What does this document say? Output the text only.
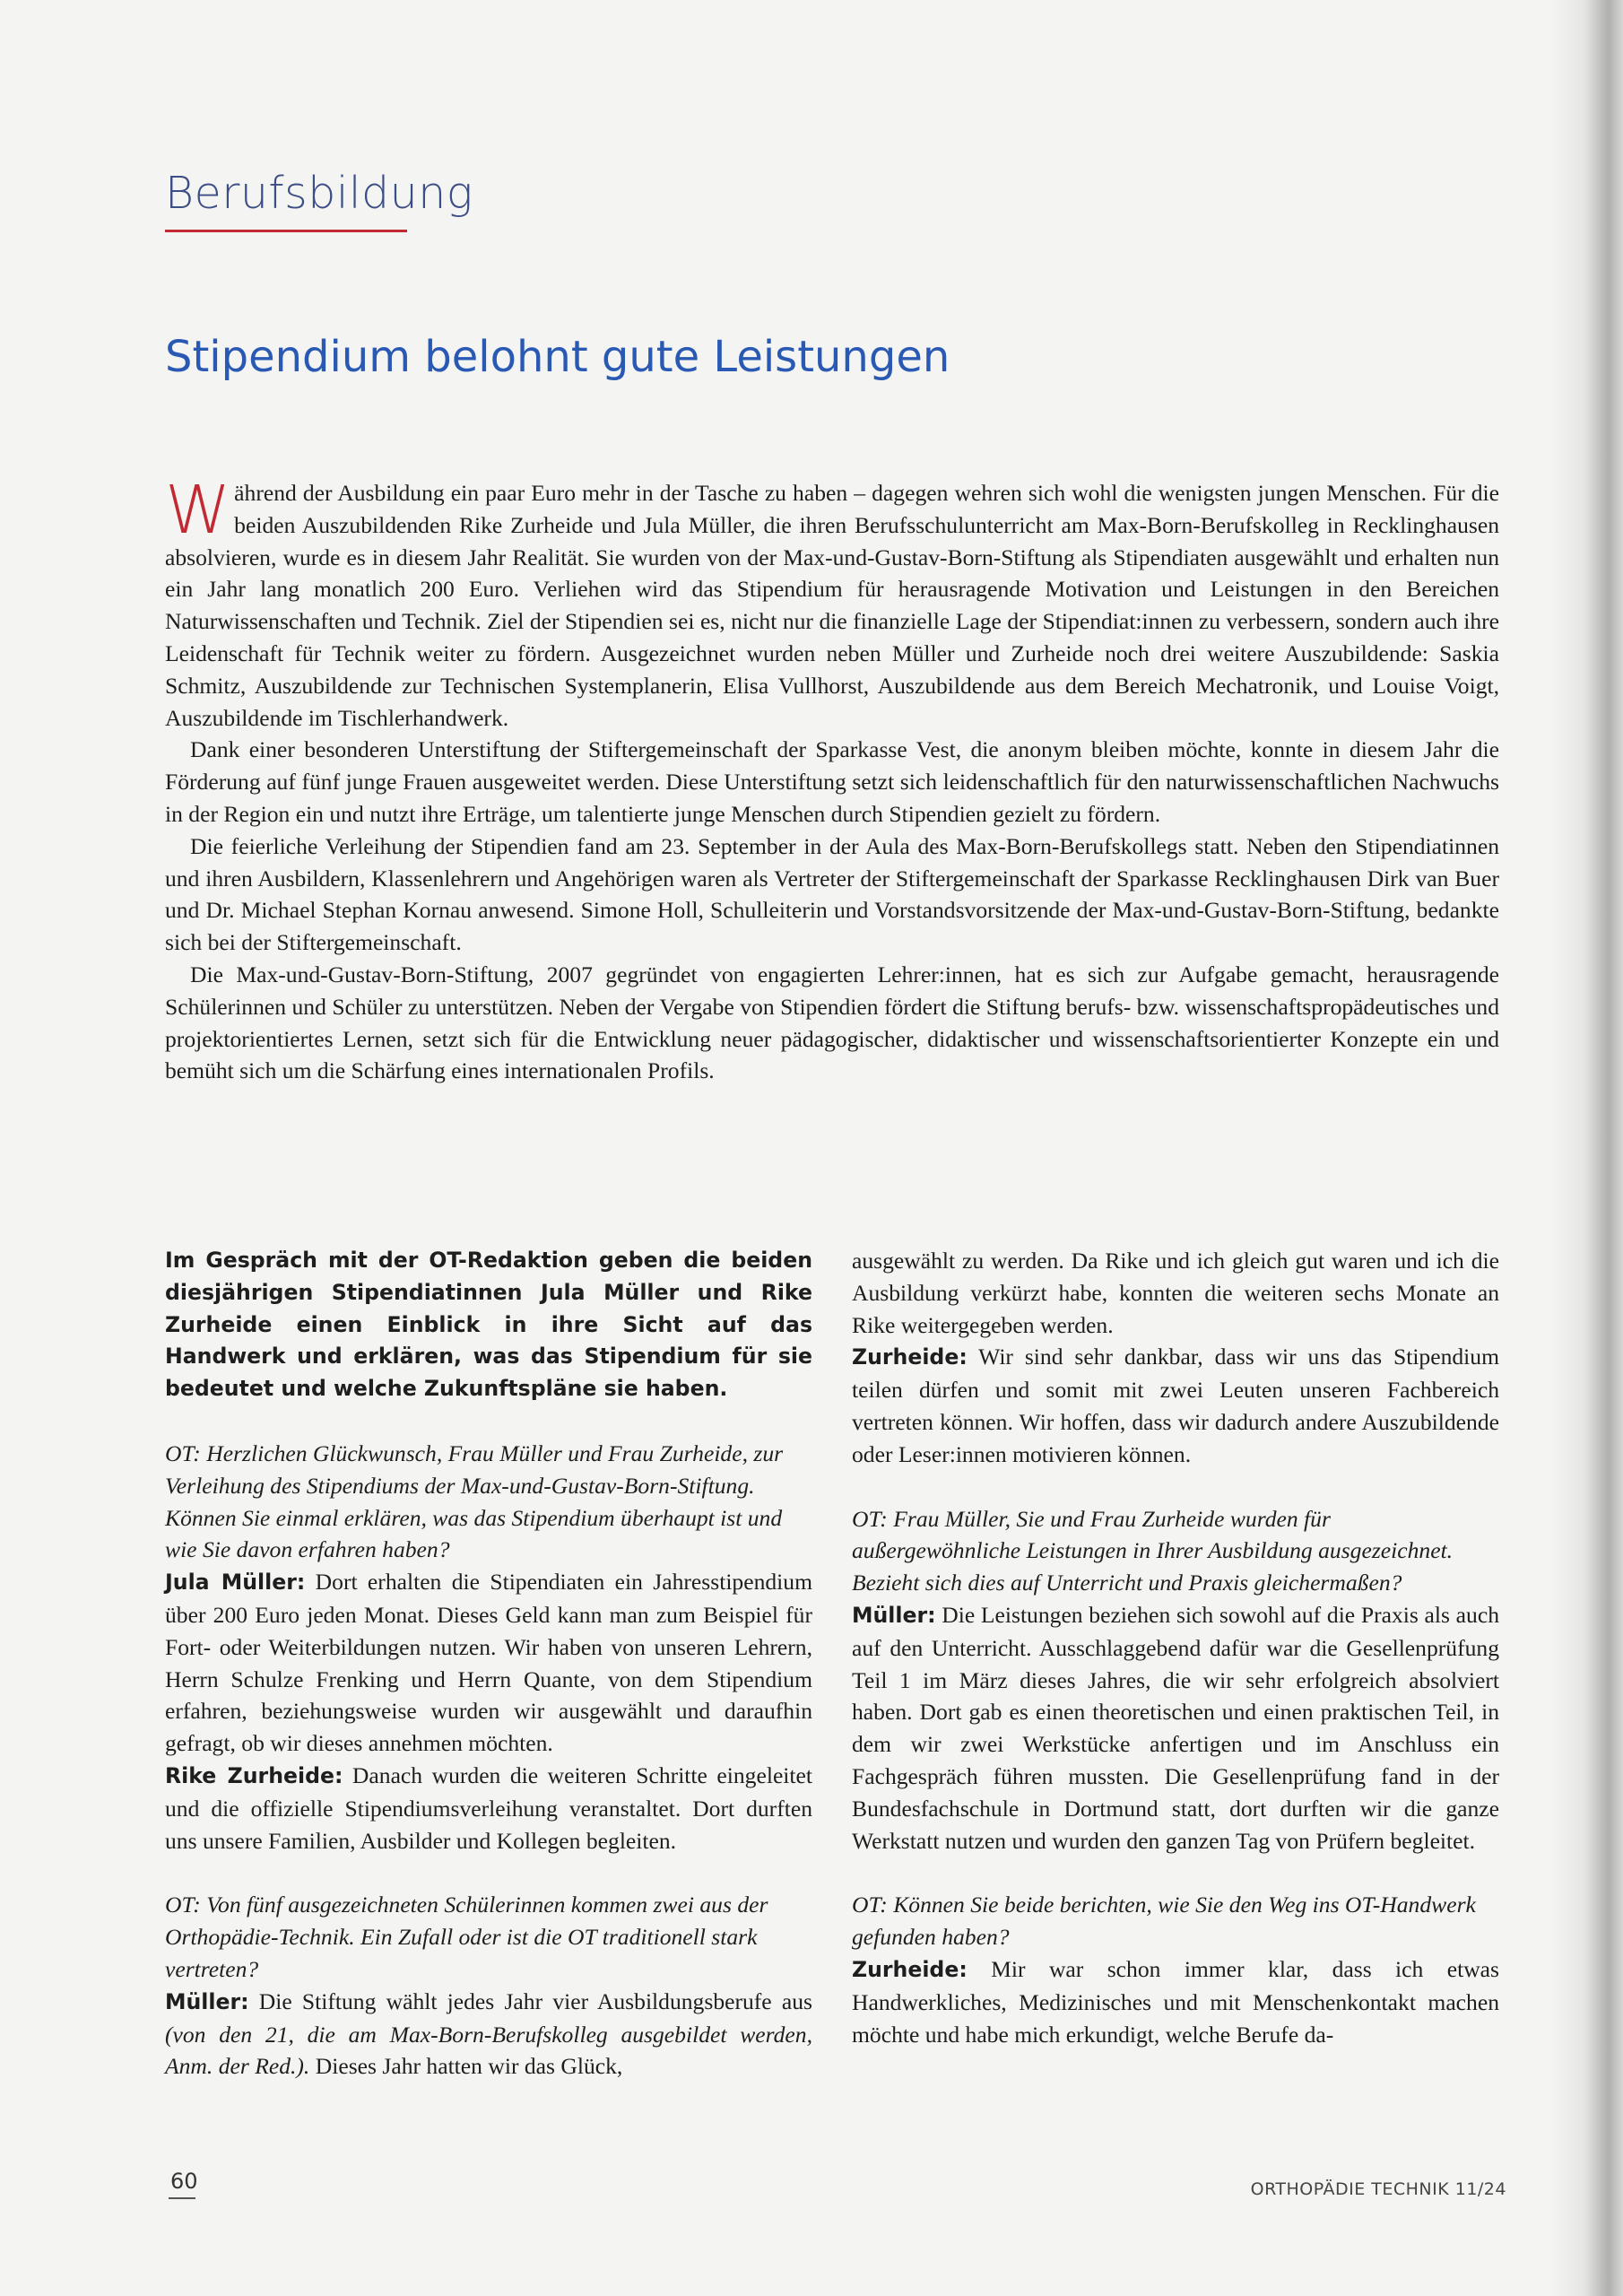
Berufsbildung
Stipendium belohnt gute Leistungen

Während der Ausbildung ein paar Euro mehr in der Tasche zu haben – dagegen wehren sich wohl die wenigsten jungen Menschen. Für die beiden Auszubildenden Rike Zurheide und Jula Müller, die ihren Berufsschulunterricht am Max-Born-Berufskolleg in Recklinghausen absolvieren, wurde es in diesem Jahr Realität. Sie wurden von der Max-und-Gustav-Born-Stiftung als Stipendiaten ausgewählt und erhalten nun ein Jahr lang monatlich 200 Euro. Verliehen wird das Stipendium für herausragende Motivation und Leistungen in den Bereichen Naturwissenschaften und Technik. Ziel der Stipendien sei es, nicht nur die finanzielle Lage der Stipendiat:innen zu verbessern, sondern auch ihre Leidenschaft für Technik weiter zu fördern. Ausgezeichnet wurden neben Müller und Zurheide noch drei weitere Auszubildende: Saskia Schmitz, Auszubildende zur Technischen Systemplanerin, Elisa Vullhorst, Auszubildende aus dem Bereich Mechatronik, und Louise Voigt, Auszubildende im Tischlerhandwerk.

Dank einer besonderen Unterstiftung der Stiftergemeinschaft der Sparkasse Vest, die anonym bleiben möchte, konnte in diesem Jahr die Förderung auf fünf junge Frauen ausgeweitet werden. Diese Unterstiftung setzt sich leidenschaftlich für den naturwissenschaftlichen Nachwuchs in der Region ein und nutzt ihre Erträge, um talentierte junge Menschen durch Stipendien gezielt zu fördern.

Die feierliche Verleihung der Stipendien fand am 23. September in der Aula des Max-Born-Berufskollegs statt. Neben den Stipendiatinnen und ihren Ausbildern, Klassenlehrern und Angehörigen waren als Vertreter der Stiftergemeinschaft der Sparkasse Recklinghausen Dirk van Buer und Dr. Michael Stephan Kornau anwesend. Simone Holl, Schulleiterin und Vorstandsvorsitzende der Max-und-Gustav-Born-Stiftung, bedankte sich bei der Stiftergemeinschaft.

Die Max-und-Gustav-Born-Stiftung, 2007 gegründet von engagierten Lehrer:innen, hat es sich zur Aufgabe gemacht, herausragende Schülerinnen und Schüler zu unterstützen. Neben der Vergabe von Stipendien fördert die Stiftung berufs- bzw. wissenschaftspropädeutisches und projektorientiertes Lernen, setzt sich für die Entwicklung neuer pädagogischer, didaktischer und wissenschaftsorientierter Konzepte ein und bemüht sich um die Schärfung eines internationalen Profils.

Im Gespräch mit der OT-Redaktion geben die beiden diesjährigen Stipendiatinnen Jula Müller und Rike Zurheide einen Einblick in ihre Sicht auf das Handwerk und erklären, was das Stipendium für sie bedeutet und welche Zukunftspläne sie haben.

OT: Herzlichen Glückwunsch, Frau Müller und Frau Zurheide, zur Verleihung des Stipendiums der Max-und-Gustav-Born-Stiftung. Können Sie einmal erklären, was das Stipendium überhaupt ist und wie Sie davon erfahren haben?

Jula Müller: Dort erhalten die Stipendiaten ein Jahresstipendium über 200 Euro jeden Monat. Dieses Geld kann man zum Beispiel für Fort- oder Weiterbildungen nutzen. Wir haben von unseren Lehrern, Herrn Schulze Frenking und Herrn Quante, von dem Stipendium erfahren, beziehungsweise wurden wir ausgewählt und daraufhin gefragt, ob wir dieses annehmen möchten.

Rike Zurheide: Danach wurden die weiteren Schritte eingeleitet und die offizielle Stipendiumsverleihung veranstaltet. Dort durften uns unsere Familien, Ausbilder und Kollegen begleiten.

OT: Von fünf ausgezeichneten Schülerinnen kommen zwei aus der Orthopädie-Technik. Ein Zufall oder ist die OT traditionell stark vertreten?

Müller: Die Stiftung wählt jedes Jahr vier Ausbildungsberufe aus (von den 21, die am Max-Born-Berufskolleg ausgebildet werden, Anm. der Red.). Dieses Jahr hatten wir das Glück,

ausgewählt zu werden. Da Rike und ich gleich gut waren und ich die Ausbildung verkürzt habe, konnten die weiteren sechs Monate an Rike weitergegeben werden.

Zurheide: Wir sind sehr dankbar, dass wir uns das Stipendium teilen dürfen und somit mit zwei Leuten unseren Fachbereich vertreten können. Wir hoffen, dass wir dadurch andere Auszubildende oder Leser:innen motivieren können.

OT: Frau Müller, Sie und Frau Zurheide wurden für außergewöhnliche Leistungen in Ihrer Ausbildung ausgezeichnet. Bezieht sich dies auf Unterricht und Praxis gleichermaßen?

Müller: Die Leistungen beziehen sich sowohl auf die Praxis als auch auf den Unterricht. Ausschlaggebend dafür war die Gesellenprüfung Teil 1 im März dieses Jahres, die wir sehr erfolgreich absolviert haben. Dort gab es einen theoretischen und einen praktischen Teil, in dem wir zwei Werkstücke anfertigen und im Anschluss ein Fachgespräch führen mussten. Die Gesellenprüfung fand in der Bundesfachschule in Dortmund statt, dort durften wir die ganze Werkstatt nutzen und wurden den ganzen Tag von Prüfern begleitet.

OT: Können Sie beide berichten, wie Sie den Weg ins OT-Handwerk gefunden haben?

Zurheide: Mir war schon immer klar, dass ich etwas Handwerkliches, Medizinisches und mit Menschenkontakt machen möchte und habe mich erkundigt, welche Berufe da-

60	ORTHOPÄDIE TECHNIK 11/24
